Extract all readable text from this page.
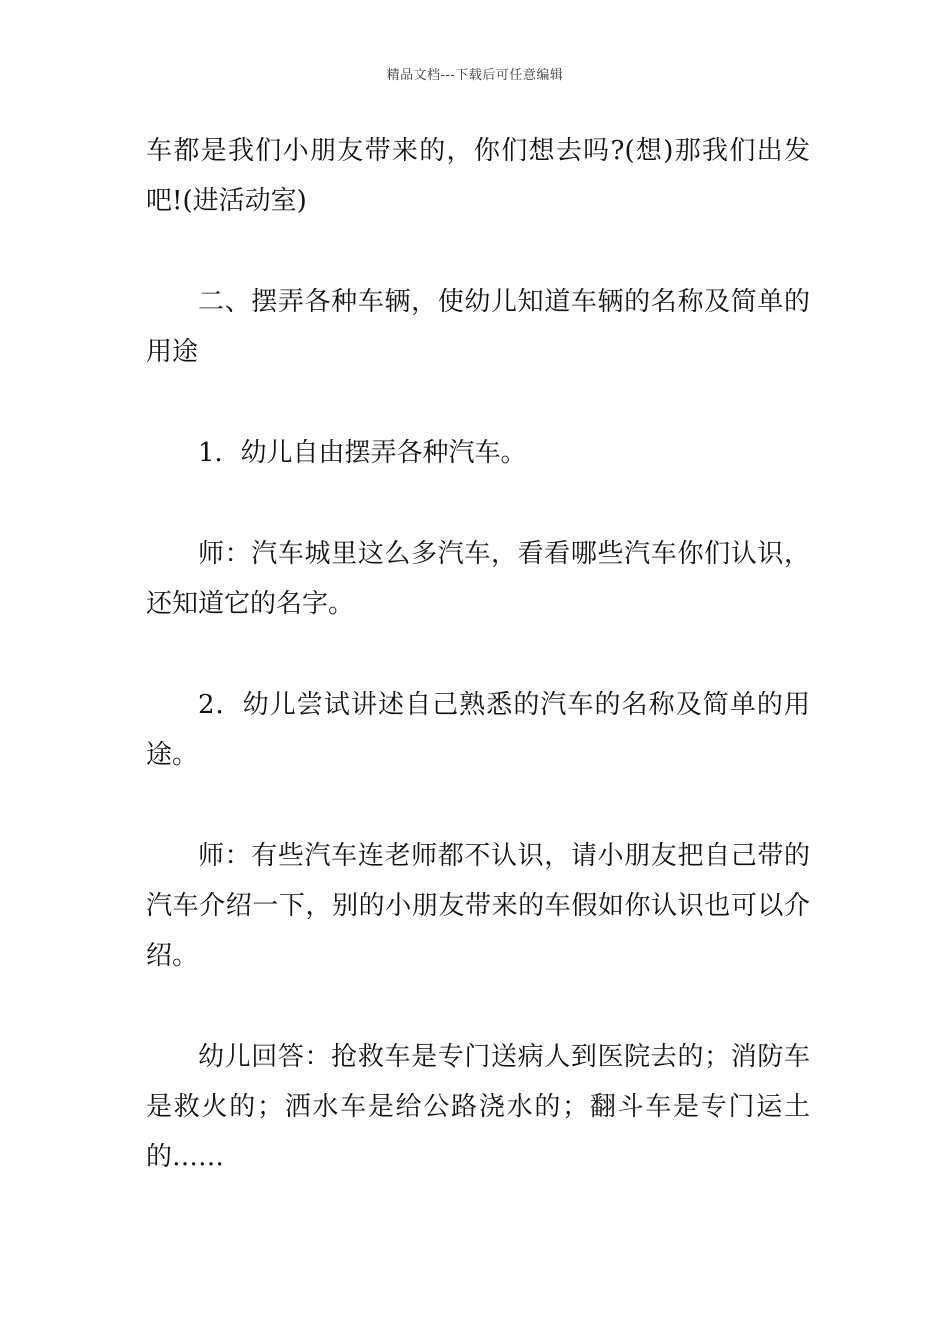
精品文档---下载后可任意编辑

车都是我们小朋友带来的，你们想去吗?(想)那我们出发吧!(进活动室)

二、摆弄各种车辆，使幼儿知道车辆的名称及简单的用途

1．幼儿自由摆弄各种汽车。

师：汽车城里这么多汽车，看看哪些汽车你们认识，还知道它的名字。

2．幼儿尝试讲述自己熟悉的汽车的名称及简单的用途。

师：有些汽车连老师都不认识，请小朋友把自己带的汽车介绍一下，别的小朋友带来的车假如你认识也可以介绍。

幼儿回答：抢救车是专门送病人到医院去的；消防车是救火的；洒水车是给公路浇水的；翻斗车是专门运土的……
